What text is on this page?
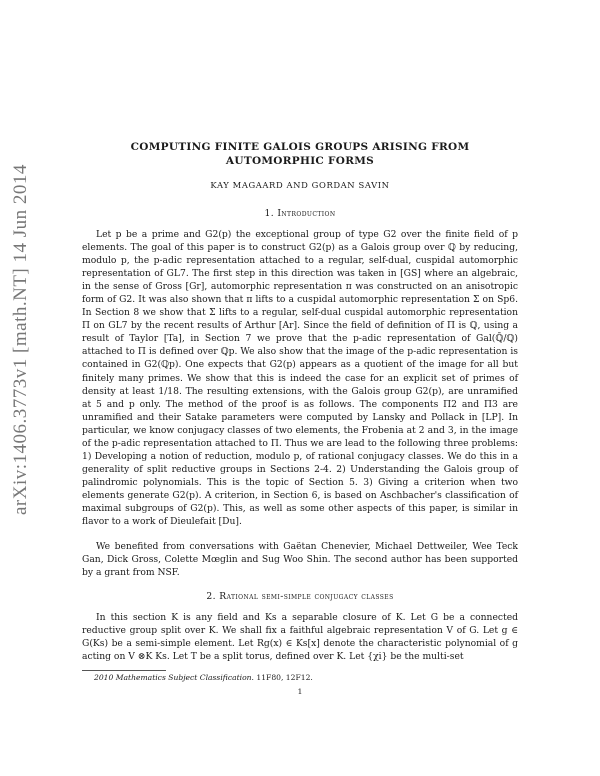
arXiv:1406.3773v1 [math.NT] 14 Jun 2014
COMPUTING FINITE GALOIS GROUPS ARISING FROM
AUTOMORPHIC FORMS
KAY MAGAARD AND GORDAN SAVIN
1. Introduction

Let p be a prime and G2(p) the exceptional group of type G2 over the finite field of p elements. The goal of this paper is to construct G2(p) as a Galois group over ℚ by reducing, modulo p, the p-adic representation attached to a regular, self-dual, cuspidal automorphic representation of GL7. The first step in this direction was taken in [GS] where an algebraic, in the sense of Gross [Gr], automorphic representation π was constructed on an anisotropic form of G2. It was also shown that π lifts to a cuspidal automorphic representation Σ on Sp6. In Section 8 we show that Σ lifts to a regular, self-dual cuspidal automorphic representation Π on GL7 by the recent results of Arthur [Ar]. Since the field of definition of Π is ℚ, using a result of Taylor [Ta], in Section 7 we prove that the p-adic representation of Gal(ℚ̄/ℚ) attached to Π is defined over ℚp. We also show that the image of the p-adic representation is contained in G2(ℚp). One expects that G2(p) appears as a quotient of the image for all but finitely many primes. We show that this is indeed the case for an explicit set of primes of density at least 1/18. The resulting extensions, with the Galois group G2(p), are unramified at 5 and p only. The method of the proof is as follows. The components Π2 and Π3 are unramified and their Satake parameters were computed by Lansky and Pollack in [LP]. In particular, we know conjugacy classes of two elements, the Frobenia at 2 and 3, in the image of the p-adic representation attached to Π. Thus we are lead to the following three problems: 1) Developing a notion of reduction, modulo p, of rational conjugacy classes. We do this in a generality of split reductive groups in Sections 2-4. 2) Understanding the Galois group of palindromic polynomials. This is the topic of Section 5. 3) Giving a criterion when two elements generate G2(p). A criterion, in Section 6, is based on Aschbacher's classification of maximal subgroups of G2(p). This, as well as some other aspects of this paper, is similar in flavor to a work of Dieulefait [Du].

We benefited from conversations with Gaëtan Chenevier, Michael Dettweiler, Wee Teck Gan, Dick Gross, Colette Mœglin and Sug Woo Shin. The second author has been supported by a grant from NSF.

2. Rational semi-simple conjugacy classes

In this section K is any field and Ks a separable closure of K. Let G be a connected reductive group split over K. We shall fix a faithful algebraic representation V of G. Let g ∈ G(Ks) be a semi-simple element. Let Rg(x) ∈ Ks[x] denote the characteristic polynomial of g acting on V ⊗K Ks. Let T be a split torus, defined over K. Let {χi} be the multi-set

2010 Mathematics Subject Classification. 11F80, 12F12.
1
